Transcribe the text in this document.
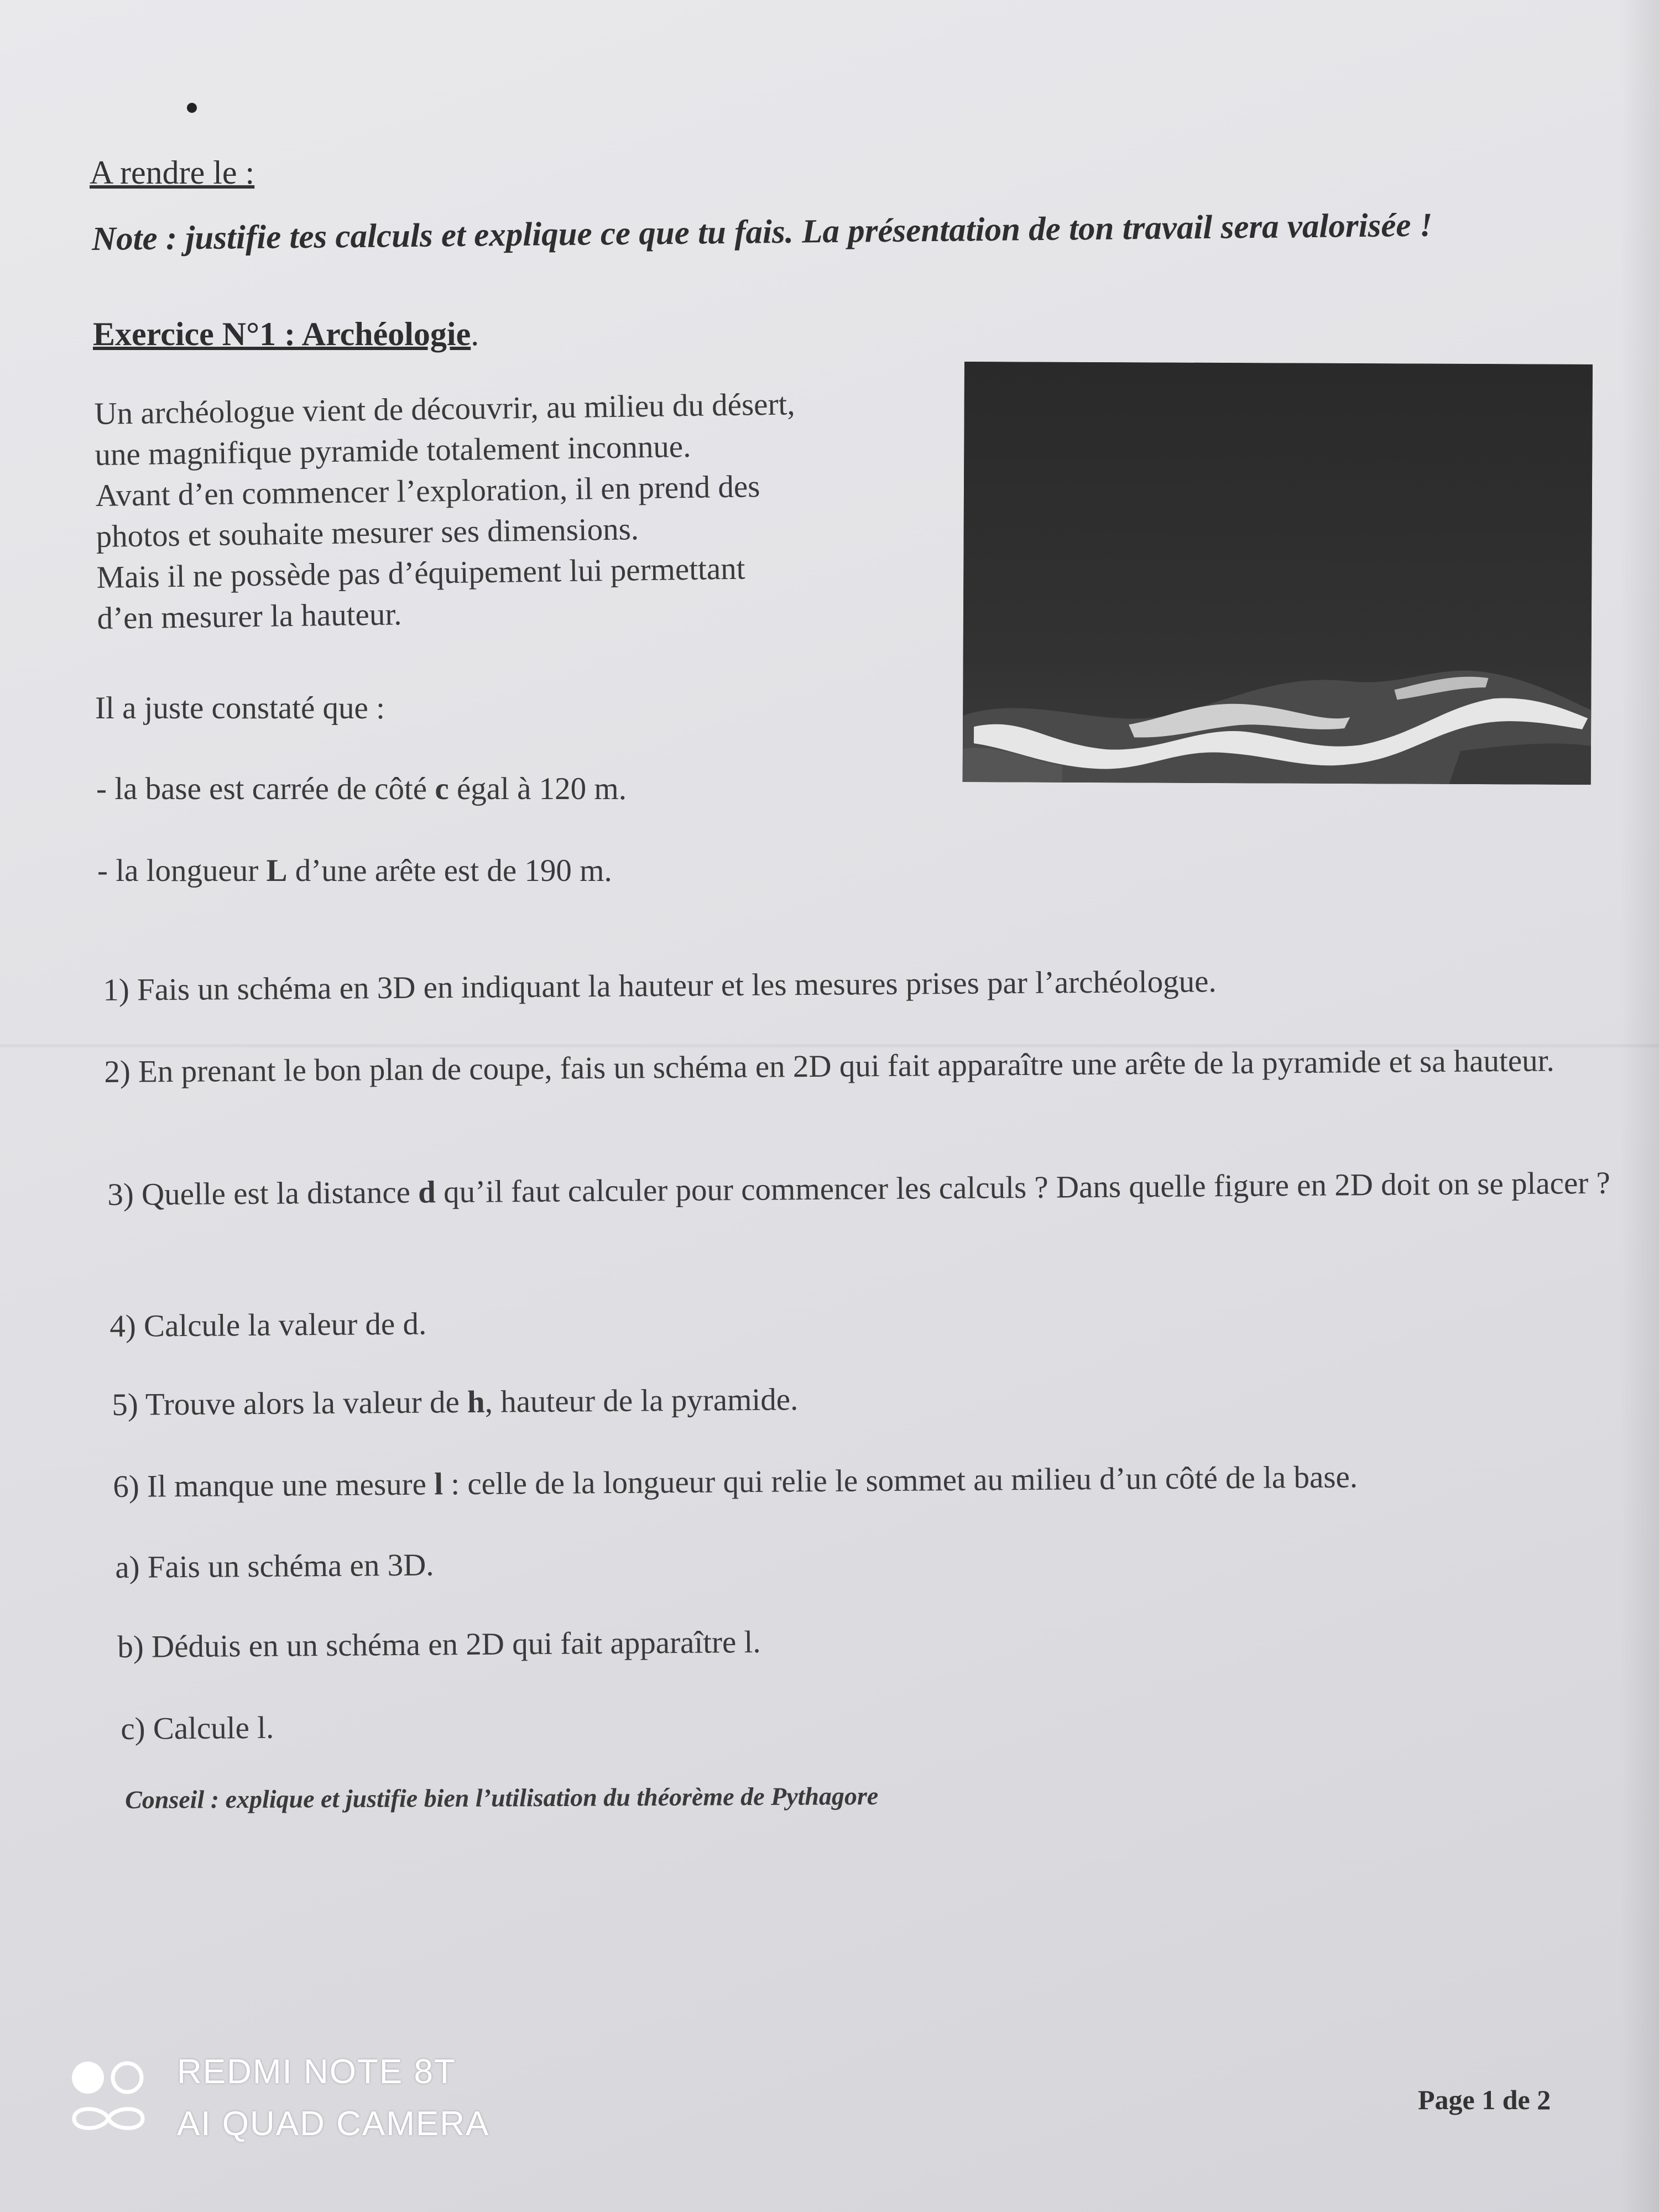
A rendre le :

Note : justifie tes calculs et explique ce que tu fais. La présentation de ton travail sera valorisée !

Exercice N°1 : Archéologie.

Un archéologue vient de découvrir, au milieu du désert,
une magnifique pyramide totalement inconnue.
Avant d’en commencer l’exploration, il en prend des
photos et souhaite mesurer ses dimensions.
Mais il ne possède pas d’équipement lui permettant
d’en mesurer la hauteur.

Il a juste constaté que :

- la base est carrée de côté c égal à 120 m.

- la longueur L d’une arête est de 190 m.

1) Fais un schéma en 3D en indiquant la hauteur et les mesures prises par l’archéologue.

2) En prenant le bon plan de coupe, fais un schéma en 2D qui fait apparaître une arête de la pyramide et sa hauteur.

3) Quelle est la distance d qu’il faut calculer pour commencer les calculs ? Dans quelle figure en 2D doit on se placer ?

4) Calcule la valeur de d.

5) Trouve alors la valeur de h, hauteur de la pyramide.

6) Il manque une mesure l : celle de la longueur qui relie le sommet au milieu d’un côté de la base.

a) Fais un schéma en 3D.

b) Déduis en un schéma en 2D qui fait apparaître l.

c) Calcule l.

Conseil : explique et justifie bien l’utilisation du théorème de Pythagore

Page 1 de 2

REDMI NOTE 8T
AI QUAD CAMERA
